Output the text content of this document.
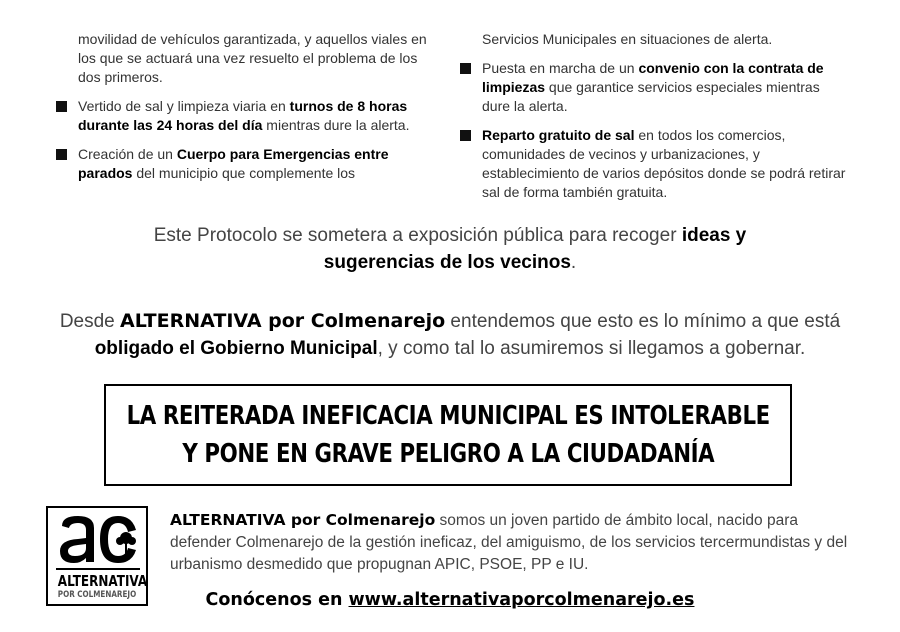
movilidad de vehículos garantizada, y aquellos viales en los que se actuará una vez resuelto el problema de los dos primeros.

Vertido de sal y limpieza viaria en turnos de 8 horas durante las 24 horas del día mientras dure la alerta.

Creación de un Cuerpo para Emergencias entre parados del municipio que complemente los

Servicios Municipales en situaciones de alerta.

Puesta en marcha de un convenio con la contrata de limpiezas que garantice servicios especiales mientras dure la alerta.

Reparto gratuito de sal en todos los comercios, comunidades de vecinos y urbanizaciones, y establecimiento de varios depósitos donde se podrá retirar sal de forma también gratuita.

Este Protocolo se sometera a exposición pública para recoger ideas y
sugerencias de los vecinos.
Desde ALTERNATIVA por Colmenarejo entendemos que esto es lo mínimo a que está
obligado el Gobierno Municipal, y como tal lo asumiremos si llegamos a gobernar.
LA REITERADA INEFICACIA MUNICIPAL ES INTOLERABLE
Y PONE EN GRAVE PELIGRO A LA CIUDADANÍA
ALTERNATIVA
POR COLMENAREJO
ALTERNATIVA por Colmenarejo somos un joven partido de ámbito local, nacido para defender Colmenarejo de la gestión ineficaz, del amiguismo, de los servicios tercermundistas y del urbanismo desmedido que propugnan APIC, PSOE, PP e IU.
Conócenos en www.alternativaporcolmenarejo.es
